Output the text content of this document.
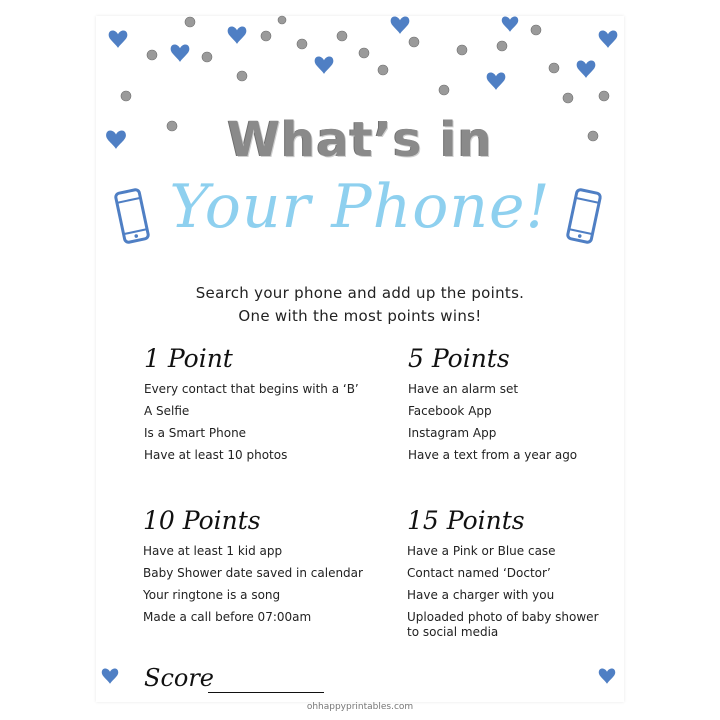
What’s in
Your Phone!
Search your phone and add up the points.
One with the most points wins!
1 Point
Every contact that begins with a ‘B’
A Selfie
Is a Smart Phone
Have at least 10 photos
5 Points
Have an alarm set
Facebook App
Instagram App
Have a text from a year ago
10 Points
Have at least 1 kid app
Baby Shower date saved in calendar
Your ringtone is a song
Made a call before 07:00am
15 Points
Have a Pink or Blue case
Contact named ‘Doctor’
Have a charger with you
Uploaded photo of baby shower to social media
Score
ohhappyprintables.com
